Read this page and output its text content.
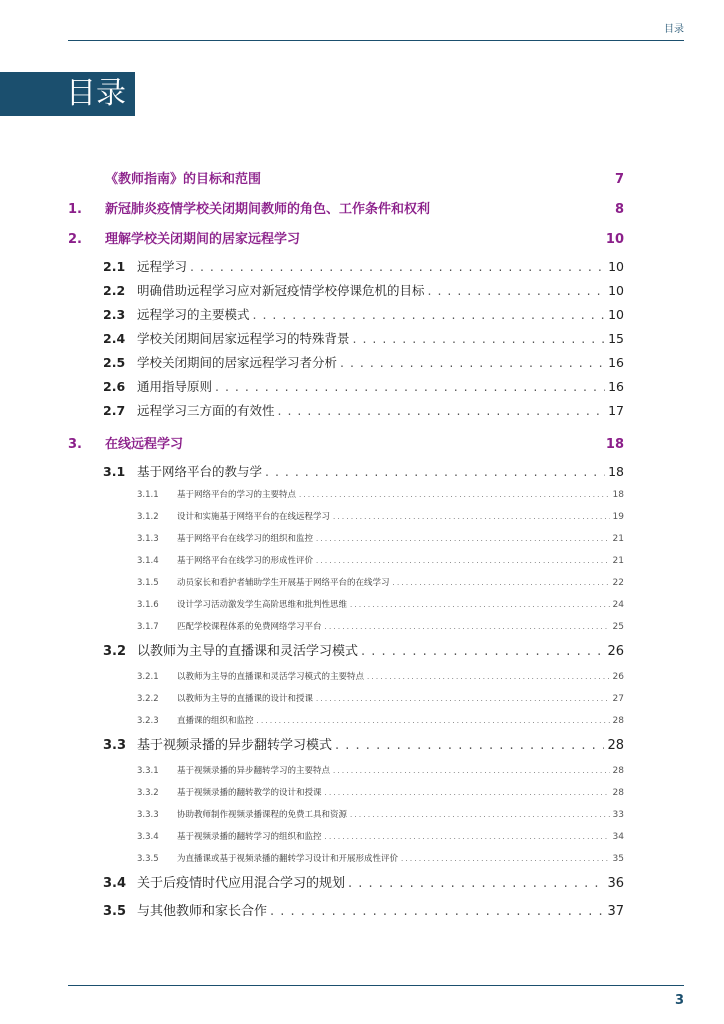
目录
目录
《教师指南》的目标和范围	7
1.	新冠肺炎疫情学校关闭期间教师的角色、工作条件和权利	8
2.	理解学校关闭期间的居家远程学习	10
2.1 远程学习 . . .	10
2.2 明确借助远程学习应对新冠疫情学校停课危机的目标 . . .	10
2.3 远程学习的主要模式 . . .	10
2.4 学校关闭期间居家远程学习的特殊背景 . . .	15
2.5 学校关闭期间的居家远程学习者分析 . . .	16
2.6 通用指导原则 . . .	16
2.7 远程学习三方面的有效性 . . .	17
3.	在线远程学习	18
3.1 基于网络平台的教与学 . . .	18
3.1.1	基于网络平台的学习的主要特点 . . .	18
3.1.2	设计和实施基于网络平台的在线远程学习 . . .	19
3.1.3	基于网络平台在线学习的组织和监控 . . .	21
3.1.4	基于网络平台在线学习的形成性评价 . . .	21
3.1.5	动员家长和看护者辅助学生开展基于网络平台的在线学习 . . .	22
3.1.6	设计学习活动激发学生高阶思维和批判性思维 . . .	24
3.1.7	匹配学校课程体系的免费网络学习平台 . . .	25
3.2 以教师为主导的直播课和灵活学习模式 . . .	26
3.2.1	以教师为主导的直播课和灵活学习模式的主要特点 . . .	26
3.2.2	以教师为主导的直播课的设计和授课 . . .	27
3.2.3	直播课的组织和监控 . . .	28
3.3 基于视频录播的异步翻转学习模式 . . .	28
3.3.1	基于视频录播的异步翻转学习的主要特点 . . .	28
3.3.2	基于视频录播的翻转教学的设计和授课 . . .	28
3.3.3	协助教师制作视频录播课程的免费工具和资源 . . .	33
3.3.4	基于视频录播的翻转学习的组织和监控 . . .	34
3.3.5	为直播课或基于视频录播的翻转学习设计和开展形成性评价 . . .	35
3.4 关于后疫情时代应用混合学习的规划 . . .	36
3.5 与其他教师和家长合作 . . .	37
3
